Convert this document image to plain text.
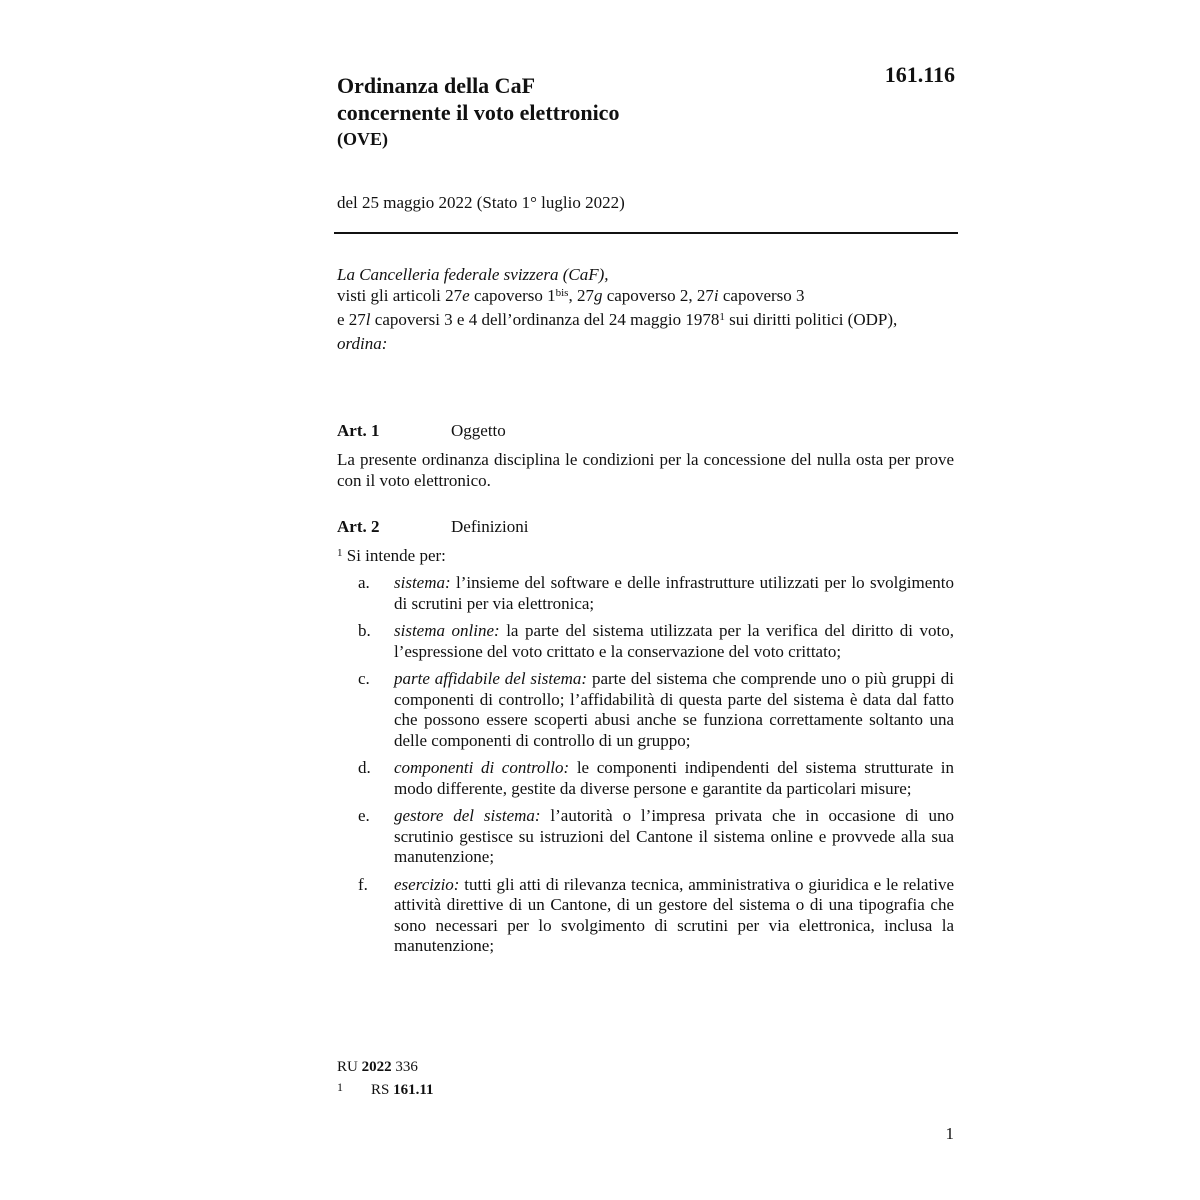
Ordinanza della CaF
concernente il voto elettronico
(OVE)
161.116
del 25 maggio 2022 (Stato 1° luglio 2022)
La Cancelleria federale svizzera (CaF),
visti gli articoli 27e capoverso $1^{bis}$, 27g capoverso 2, 27i capoverso 3
e 27l capoversi 3 e 4 dell’ordinanza del 24 maggio 1978$^1$ sui diritti politici (ODP),
ordina:
Art. 1	Oggetto
La presente ordinanza disciplina le condizioni per la concessione del nulla osta per prove con il voto elettronico.
Art. 2	Definizioni
$^1$ Si intende per:
a. sistema: l’insieme del software e delle infrastrutture utilizzati per lo svolgimento di scrutini per via elettronica;
b. sistema online: la parte del sistema utilizzata per la verifica del diritto di voto, l’espressione del voto crittato e la conservazione del voto crittato;
c. parte affidabile del sistema: parte del sistema che comprende uno o più gruppi di componenti di controllo; l’affidabilità di questa parte del sistema è data dal fatto che possono essere scoperti abusi anche se funziona correttamente soltanto una delle componenti di controllo di un gruppo;
d. componenti di controllo: le componenti indipendenti del sistema strutturate in modo differente, gestite da diverse persone e garantite da particolari misure;
e. gestore del sistema: l’autorità o l’impresa privata che in occasione di uno scrutinio gestisce su istruzioni del Cantone il sistema online e provvede alla sua manutenzione;
f. esercizio: tutti gli atti di rilevanza tecnica, amministrativa o giuridica e le relative attività direttive di un Cantone, di un gestore del sistema o di una tipografia che sono necessari per lo svolgimento di scrutini per via elettronica, inclusa la manutenzione;
RU 2022 336
1 RS 161.11
1
